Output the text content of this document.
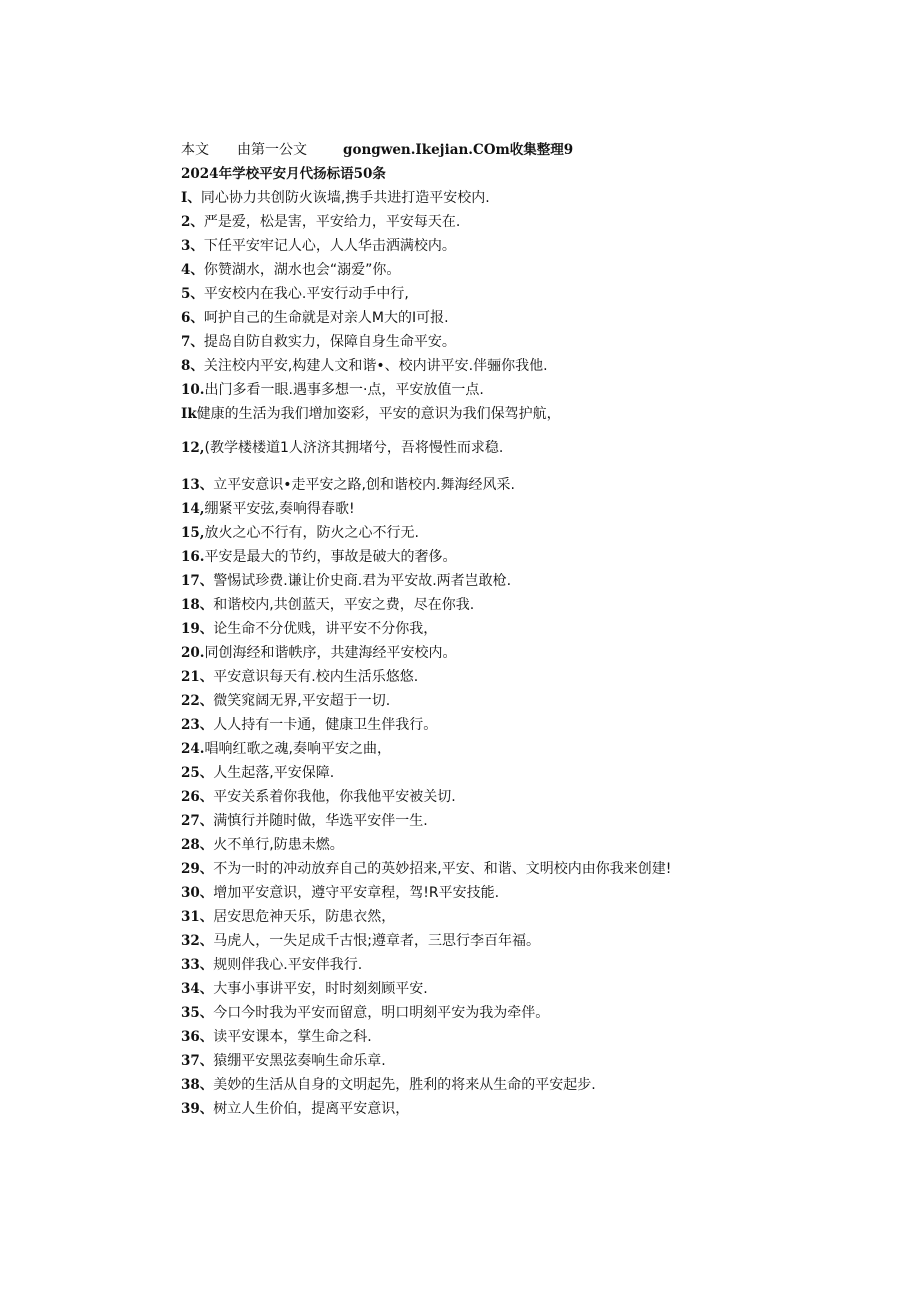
本文 由第一公文	gongwen.Ikejian.COm收集整理9
2024年学校平安月代扬标语50条
I、同心协力共创防火诙墙,携手共进打造平安校内.
2、严是爱，松是害，平安给力，平安每天在.
3、下任平安牢记人心，人人华击洒满校内。
4、你赞湖水，湖水也会“溺爱”你。
5、平安校内在我心.平安行动手中行,
6、呵护自己的生命就是对亲人M大的I可报.
7、提岛自防自救实力，保障自身生命平安。
8、关注校内平安,构建人文和谐•、校内讲平安.伴骊你我他.
10.出门多看一眼.遇事多想一·点，平安放值一点.
Ik健康的生活为我们增加姿彩，平安的意识为我们保驾护航，
12,(教学楼楼道1人济济其拥堵兮，吾将慢性而求稳.
13、立平安意识•走平安之路,创和谐校内.舞海经风采.
14,绷紧平安弦,奏响得春歌!
15,放火之心不行有，防火之心不行无.
16.平安是最大的节约，事故是破大的奢侈。
17、警惕试珍费.谦让价史商.君为平安故.两者岂敢枪.
18、和谐校内,共创蓝天，平安之费，尽在你我.
19、论生命不分优贱，讲平安不分你我，
20.同创海经和谐帙序，共建海经平安校内。
21、平安意识每天有.校内生活乐悠悠.
22、微笑窕阔无界,平安超于一切.
23、人人持有一卡通，健康卫生伴我行。
24.唱响红歌之魂,奏响平安之曲，
25、人生起落,平安保障.
26、平安关系着你我他，你我他平安被关切.
27、满慎行并随时做，华选平安伴一生.
28、火不单行,防患未燃。
29、不为一时的冲动放弃自己的英妙招来,平安、和谐、文明校内由你我来创建!
30、增加平安意识，遵守平安章程，驾!R平安技能.
31、居安思危神天乐，防患衣然，
32、马虎人，一失足成千古恨;遵章者，三思行李百年福。
33、规则伴我心.平安伴我行.
34、大事小事讲平安，时时刻刻顾平安.
35、今口今时我为平安而留意，明口明刻平安为我为牵伴。
36、读平安课本，掌生命之科.
37、猿绷平安黑弦奏响生命乐章.
38、美妙的生活从自身的文明起先，胜利的将来从生命的平安起步.
39、树立人生价伯，提离平安意识，
